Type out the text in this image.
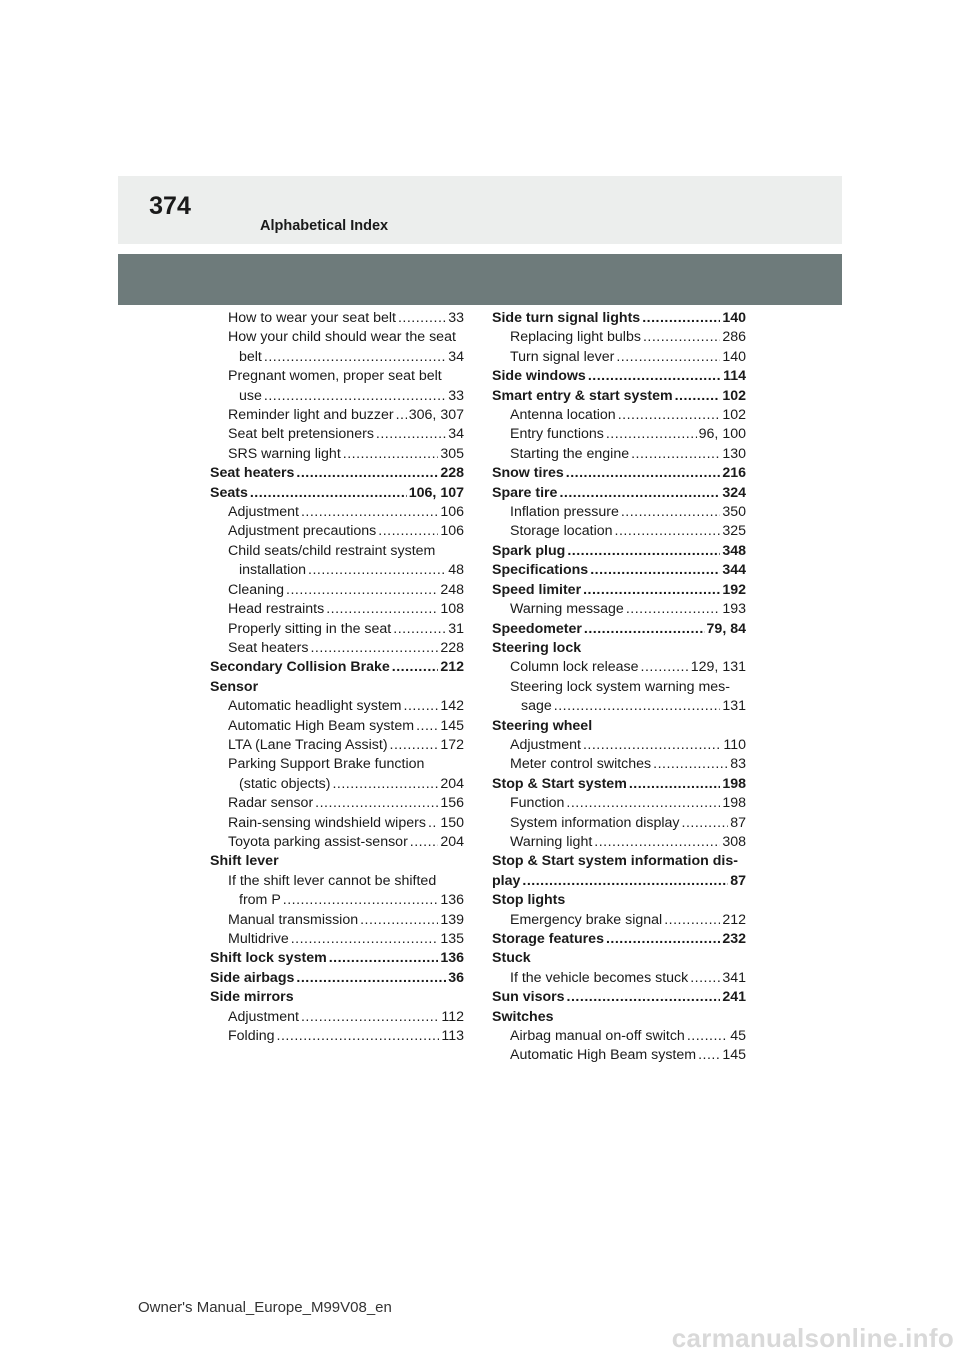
374
Alphabetical Index
How to wear your seat belt .....	33
How your child should wear the seat
belt .....	34
Pregnant women, proper seat belt
use .....	33
Reminder light and buzzer ..... 306, 307
Seat belt pretensioners .....	34
SRS warning light .....	305
Seat heaters .....	228
Seats .....	106, 107
Adjustment .....	106
Adjustment precautions .....	106
Child seats/child restraint system
installation .....	48
Cleaning .....	248
Head restraints .....	108
Properly sitting in the seat .....	31
Seat heaters .....	228
Secondary Collision Brake .....	212
Sensor
Automatic headlight system .....	142
Automatic High Beam system ..... 145
LTA (Lane Tracing Assist) .....	172
Parking Support Brake function
(static objects) .....	204
Radar sensor .....	156
Rain-sensing windshield wipers ..... 150
Toyota parking assist-sensor ..... 204
Shift lever
If the shift lever cannot be shifted
from P .....	136
Manual transmission .....	139
Multidrive .....	135
Shift lock system .....	136
Side airbags .....	36
Side mirrors
Adjustment .....	112
Folding .....	113
Side turn signal lights .....	140
Replacing light bulbs .....	286
Turn signal lever .....	140
Side windows .....	114
Smart entry & start system .....	102
Antenna location .....	102
Entry functions .....	96, 100
Starting the engine .....	130
Snow tires .....	216
Spare tire .....	324
Inflation pressure .....	350
Storage location .....	325
Spark plug .....	348
Specifications .....	344
Speed limiter .....	192
Warning message .....	193
Speedometer .....	79, 84
Steering lock
Column lock release .....	129, 131
Steering lock system warning mes-
sage .....	131
Steering wheel
Adjustment .....	110
Meter control switches .....	83
Stop & Start system .....	198
Function .....	198
System information display .....	87
Warning light .....	308
Stop & Start system information dis-
play .....	87
Stop lights
Emergency brake signal .....	212
Storage features .....	232
Stuck
If the vehicle becomes stuck ..... 341
Sun visors .....	241
Switches
Airbag manual on-off switch .....	45
Automatic High Beam system ..... 145
Owner's Manual_Europe_M99V08_en
carmanualsonline.info
